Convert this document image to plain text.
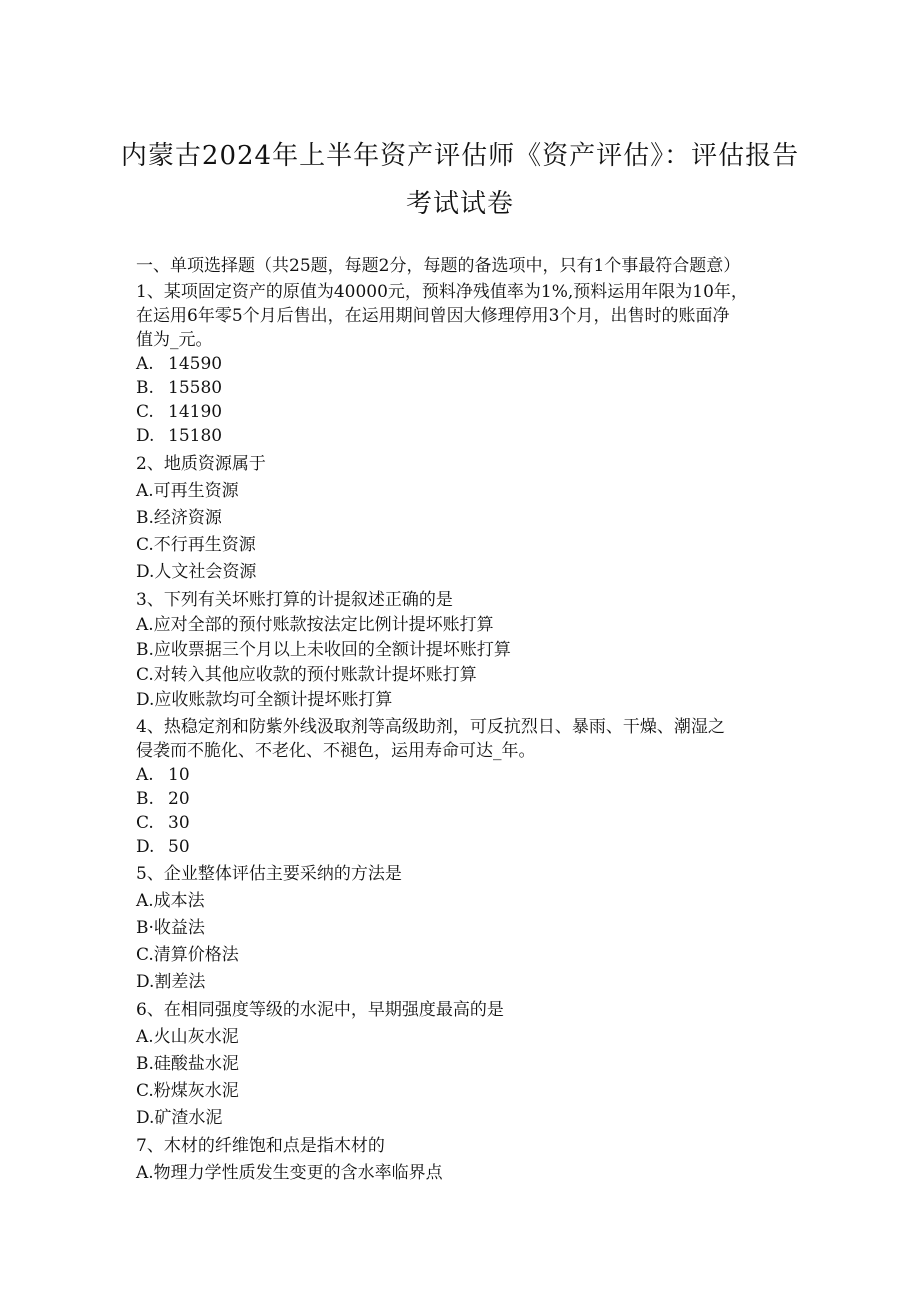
内蒙古2024年上半年资产评估师《资产评估》：评估报告
考试试卷
一、单项选择题（共25题，每题2分，每题的备选项中，只有1个事最符合题意）
1、某项固定资产的原值为40000元，预料净残值率为1%,预料运用年限为10年，
在运用6年零5个月后售出，在运用期间曾因大修理停用3个月，出售时的账面净
值为_元。
A. 14590
B. 15580
C. 14190
D. 15180
2、地质资源属于
A.可再生资源
B.经济资源
C.不行再生资源
D.人文社会资源
3、下列有关坏账打算的计提叙述正确的是
A.应对全部的预付账款按法定比例计提坏账打算
B.应收票据三个月以上未收回的全额计提坏账打算
C.对转入其他应收款的预付账款计提坏账打算
D.应收账款均可全额计提坏账打算
4、热稳定剂和防紫外线汲取剂等高级助剂，可反抗烈日、暴雨、干燥、潮湿之
侵袭而不脆化、不老化、不褪色，运用寿命可达_年。
A. 10
B. 20
C. 30
D. 50
5、企业整体评估主要采纳的方法是
A.成本法
B·收益法
C.清算价格法
D.割差法
6、在相同强度等级的水泥中，早期强度最高的是
A.火山灰水泥
B.硅酸盐水泥
C.粉煤灰水泥
D.矿渣水泥
7、木材的纤维饱和点是指木材的
A.物理力学性质发生变更的含水率临界点
